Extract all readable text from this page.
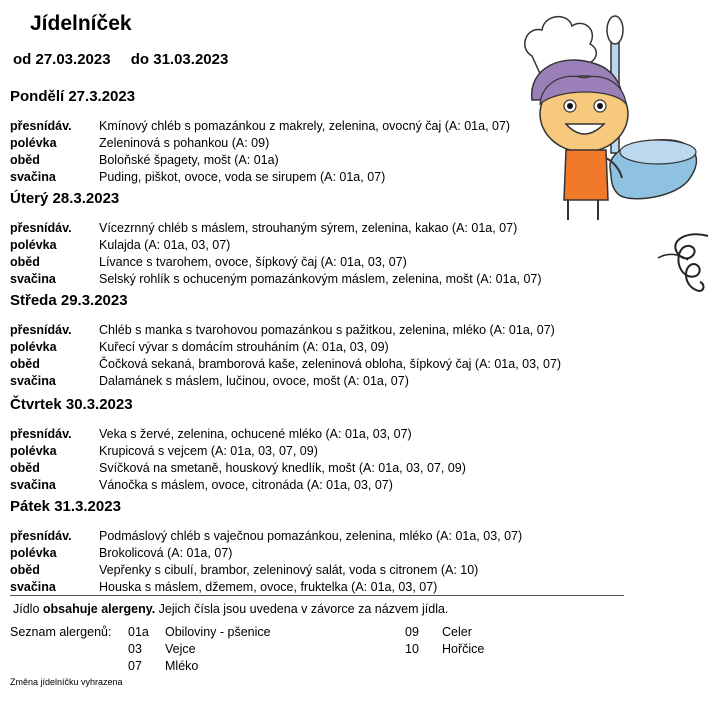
Jídelníček
od 27.03.2023 do 31.03.2023
Pondělí 27.3.2023
přesnídáv. Kmínový chléb s pomazánkou z makrely, zelenina, ovocný čaj (A: 01a, 07)
polévka	Zeleninová s pohankou (A: 09)
oběd	Boloňské špagety, mošt (A: 01a)
svačina	Puding, piškot, ovoce, voda se sirupem (A: 01a, 07)
Úterý 28.3.2023
přesnídáv. Vícezrnný chléb s máslem, strouhaným sýrem, zelenina, kakao (A: 01a, 07)
polévka	Kulajda (A: 01a, 03, 07)
oběd	Lívance s tvarohem, ovoce, šípkový čaj (A: 01a, 03, 07)
svačina	Selský rohlík s ochuceným pomazánkovým máslem, zelenina, mošt (A: 01a, 07)
Středa 29.3.2023
přesnídáv. Chléb s manka s tvarohovou pomazánkou s pažitkou, zelenina, mléko (A: 01a, 07)
polévka	Kuřecí vývar s domácím strouháním (A: 01a, 03, 09)
oběd	Čočková sekaná, bramborová kaše, zeleninová obloha, šípkový čaj (A: 01a, 03, 07)
svačina	Dalamánek s máslem, lučinou, ovoce, mošt (A: 01a, 07)
Čtvrtek 30.3.2023
přesnídáv. Veka s žervé, zelenina, ochucené mléko (A: 01a, 03, 07)
polévka	Krupicová s vejcem (A: 01a, 03, 07, 09)
oběd	Svíčková na smetaně, houskový knedlík, mošt (A: 01a, 03, 07, 09)
svačina	Vánočka s máslem, ovoce, citronáda (A: 01a, 03, 07)
Pátek 31.3.2023
přesnídáv. Podmáslový chléb s vaječnou pomazánkou, zelenina, mléko (A: 01a, 03, 07)
polévka	Brokolicová (A: 01a, 07)
oběd	Vepřenky s cibulí, brambor, zeleninový salát, voda s citronem (A: 10)
svačina	Houska s máslem, džemem, ovoce, fruktelka (A: 01a, 03, 07)
Jídlo obsahuje alergeny. Jejich čísla jsou uvedena v závorce za názvem jídla.
Seznam alergenů: 01a Obiloviny - pšenice
03 Vejce
07 Mléko
09 Celer
10 Hořčice
Změna jídelníčku vyhrazena
